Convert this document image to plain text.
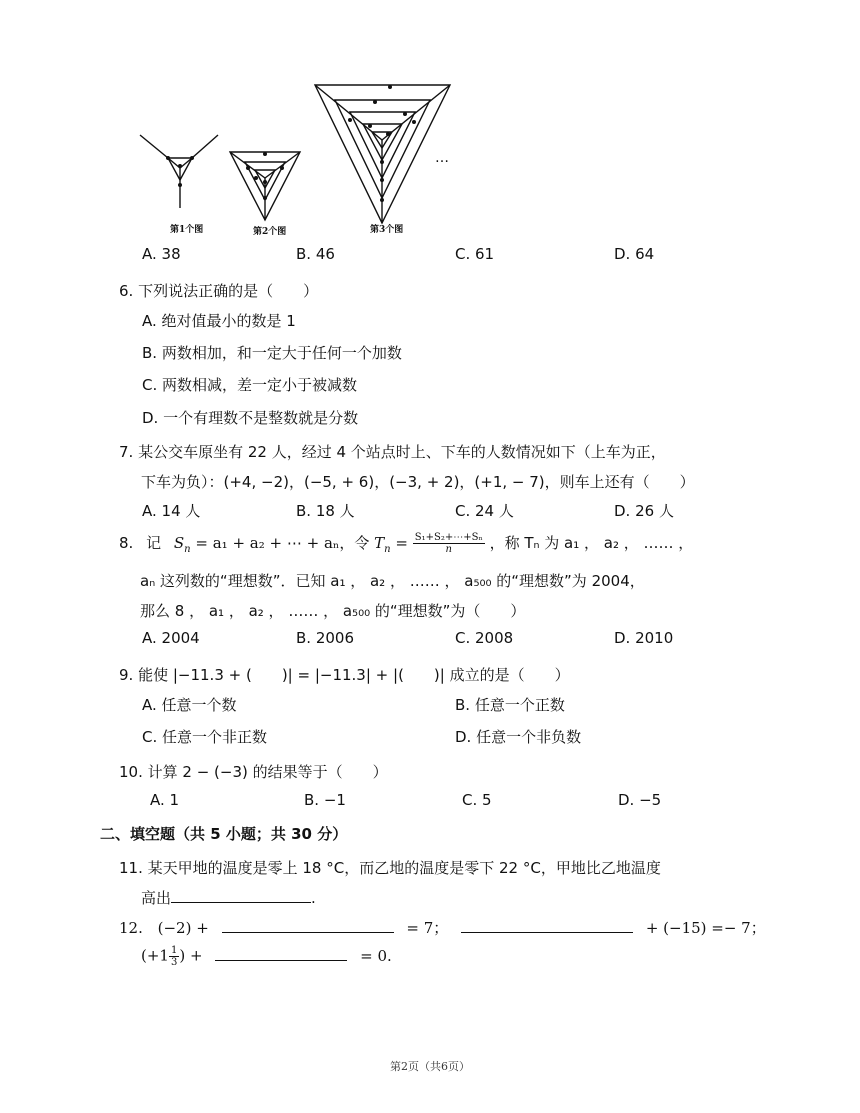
第1个图	第2个图	第3个图
…
A. 38	B. 46	C. 61	D. 64
6. 下列说法正确的是（　　）
A. 绝对值最小的数是 1
B. 两数相加，和一定大于任何一个加数
C. 两数相减，差一定小于被减数
D. 一个有理数不是整数就是分数
7. 某公交车原坐有 22 人，经过 4 个站点时上、下车的人数情况如下（上车为正，
下车为负）：(+4, −2)，(−5, + 6)，(−3, + 2)，(+1, − 7)，则车上还有（　　）
A. 14 人	B. 18 人	C. 24 人	D. 26 人
8. 记 $S_n = a_1 + a_2$ + ⋯ + aₙ，令 $T_n = \frac{\text{S₁+S₂+⋯+Sₙ}}{n}$ ，称 Tₙ 为 a₁ ， a₂ ， …… ，
aₙ 这列数的“理想数”．已知 a₁ ， a₂ ， …… ， a₅₀₀ 的“理想数”为 2004，
那么 8 ， a₁ ， a₂ ， …… ， a₅₀₀ 的“理想数”为（　　）
A. 2004	B. 2006	C. 2008	D. 2010
9. 能使 |−11.3 + (　　)| = |−11.3| + |(　　)| 成立的是（　　）
A. 任意一个数	B. 任意一个正数
C. 任意一个非正数	D. 任意一个非负数
10. 计算 2 − (−3) 的结果等于（　　）
A. 1	B. −1	C. 5	D. −5
二、填空题（共 5 小题；共 30 分）
11. 某天甲地的温度是零上 18 °C，而乙地的温度是零下 22 °C，甲地比乙地温度
高出	.
12. (−2) +	= 7；	+ (−15) =− 7；
($+1 \frac{1}{3}$ ) +	= 0.
第2页（共6页）
